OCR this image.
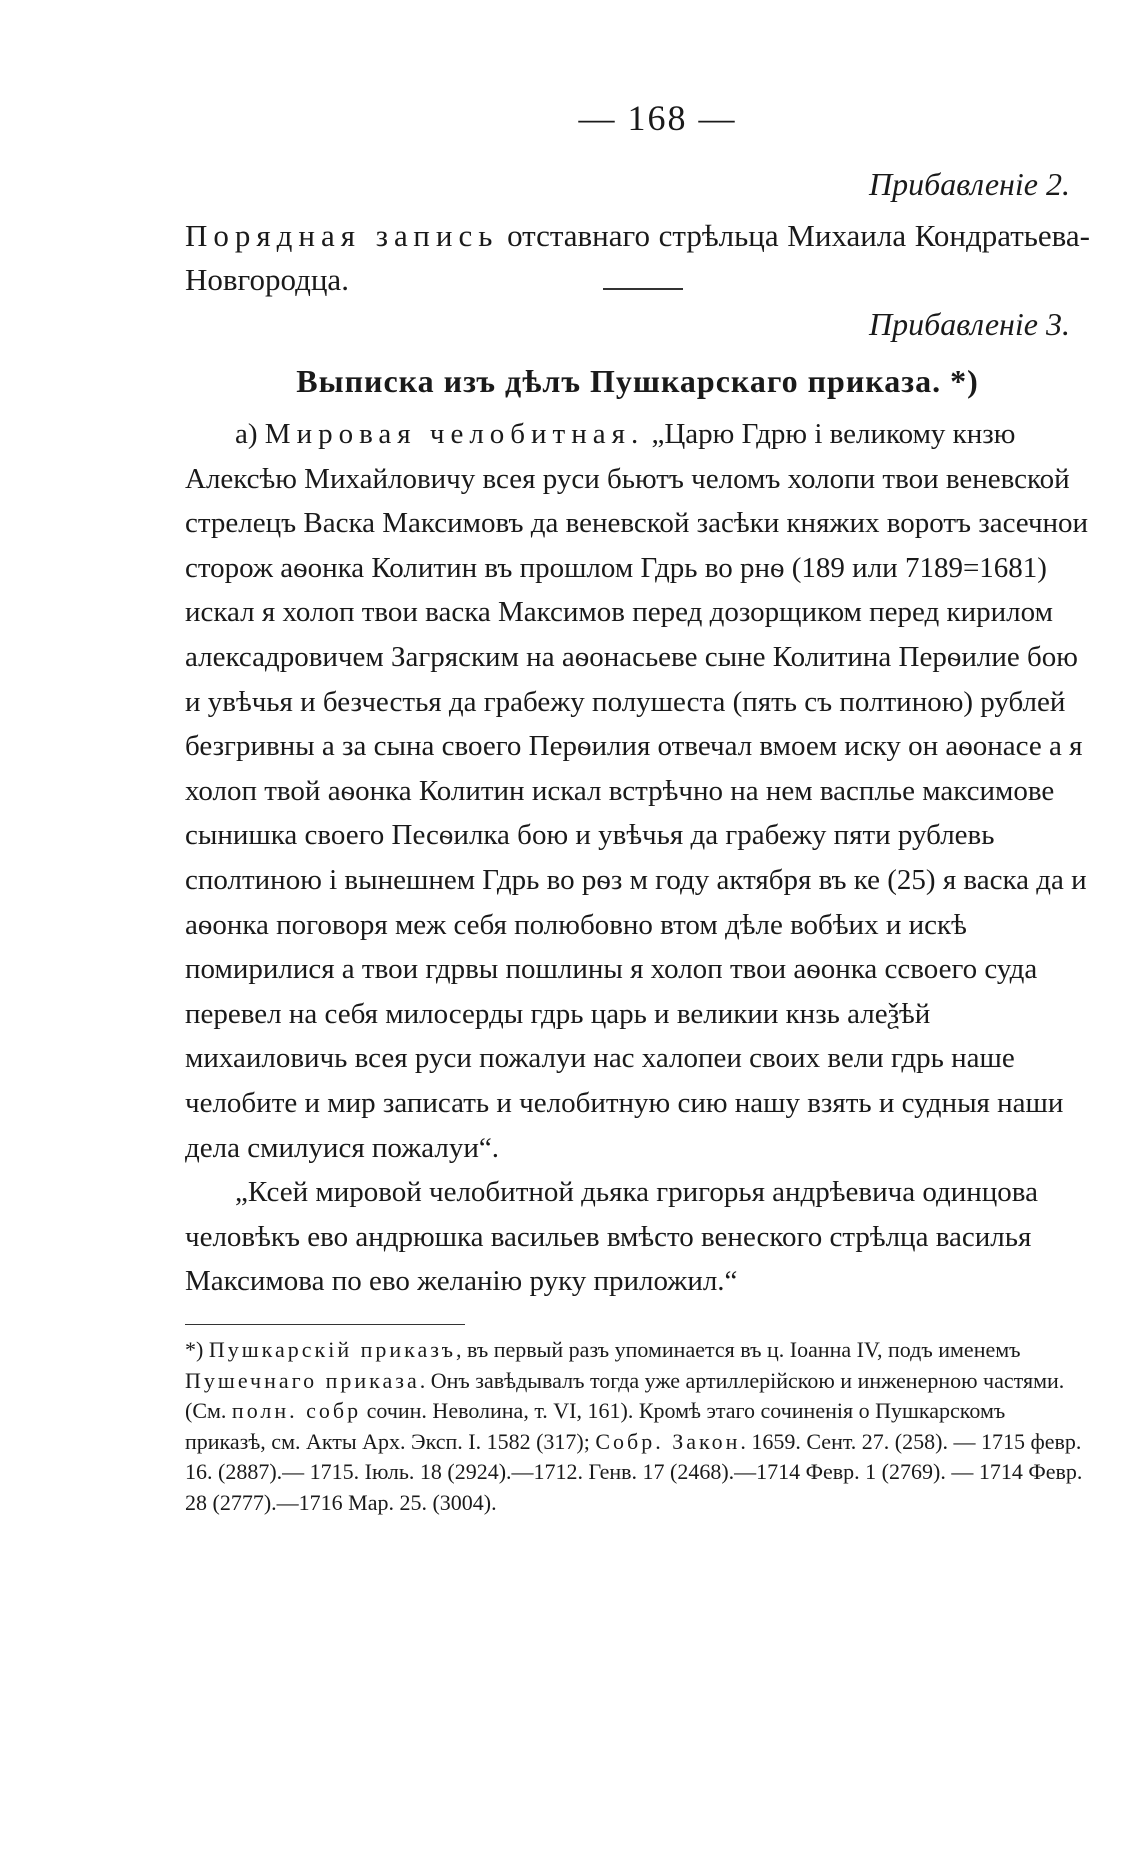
— 168 —
Прибавленіе 2.
Порядная запись отставнаго стрѣльца Михаила Кондратьева-Новгородца.
Прибавленіе 3.
Выписка изъ дѣлъ Пушкарскаго приказа. *)

а) Мировая челобитная. „Царю Гдрю і великому кнзю Алексѣю Михайловичу всея руси бьютъ челомъ холопи твои веневской стрелецъ Васка Максимовъ да веневской засѣки княжих воротъ засечнои сторож аѳонка Колитин въ прошлом Гдрь во рнѳ (189 или 7189=1681) искал я холоп твои васка Максимов перед дозорщиком перед кирилом алексадровичем Загряским на аѳонасьеве сыне Колитина Перѳилие бою и увѣчья и безчестья да грабежу полушеста (пять съ полтиною) рублей безгривны а за сына своего Перѳилия отвечал вмоем иску он аѳонасе а я холоп твой аѳонка Колитин искал встрѣчно на нем васплье максимове сынишка своего Песѳилка бою и увѣчья да грабежу пяти рублевь сполтиною і вынешнем Гдрь во рѳз м году актября въ ке (25) я васка да и аѳонка поговоря меж себя полюбовно втом дѣле вобѣих и искѣ помирилися а твои гдрвы пошлины я холоп твои аѳонка ссвоего суда перевел на себя милосерды гдрь царь и великии кнзь алеѯѣй михаиловичь всея руси пожалуи нас халопеи своих вели гдрь наше челобите и мир записать и челобитную сию нашу взять и судныя наши дела смилуися пожалуи“.

„Ксей мировой челобитной дьяка григорья андрѣевича одинцова человѣкъ ево андрюшка васильев вмѣсто венеского стрѣлца василья Максимова по ево желанію руку приложил.“

*) Пушкарскій приказъ, въ первый разъ упоминается въ ц. Іоанна IV, подъ именемъ Пушечнаго приказа. Онъ завѣдывалъ тогда уже артиллерійскою и инженерною частями. (См. полн. собр сочин. Неволина, т. VI, 161). Кромѣ этаго сочиненія о Пушкарскомъ приказѣ, см. Акты Арх. Эксп. I. 1582 (317); Собр. Закон. 1659. Сент. 27. (258). — 1715 февр. 16. (2887).— 1715. Іюль. 18 (2924).—1712. Генв. 17 (2468).—1714 Февр. 1 (2769). — 1714 Февр. 28 (2777).—1716 Мар. 25. (3004).
